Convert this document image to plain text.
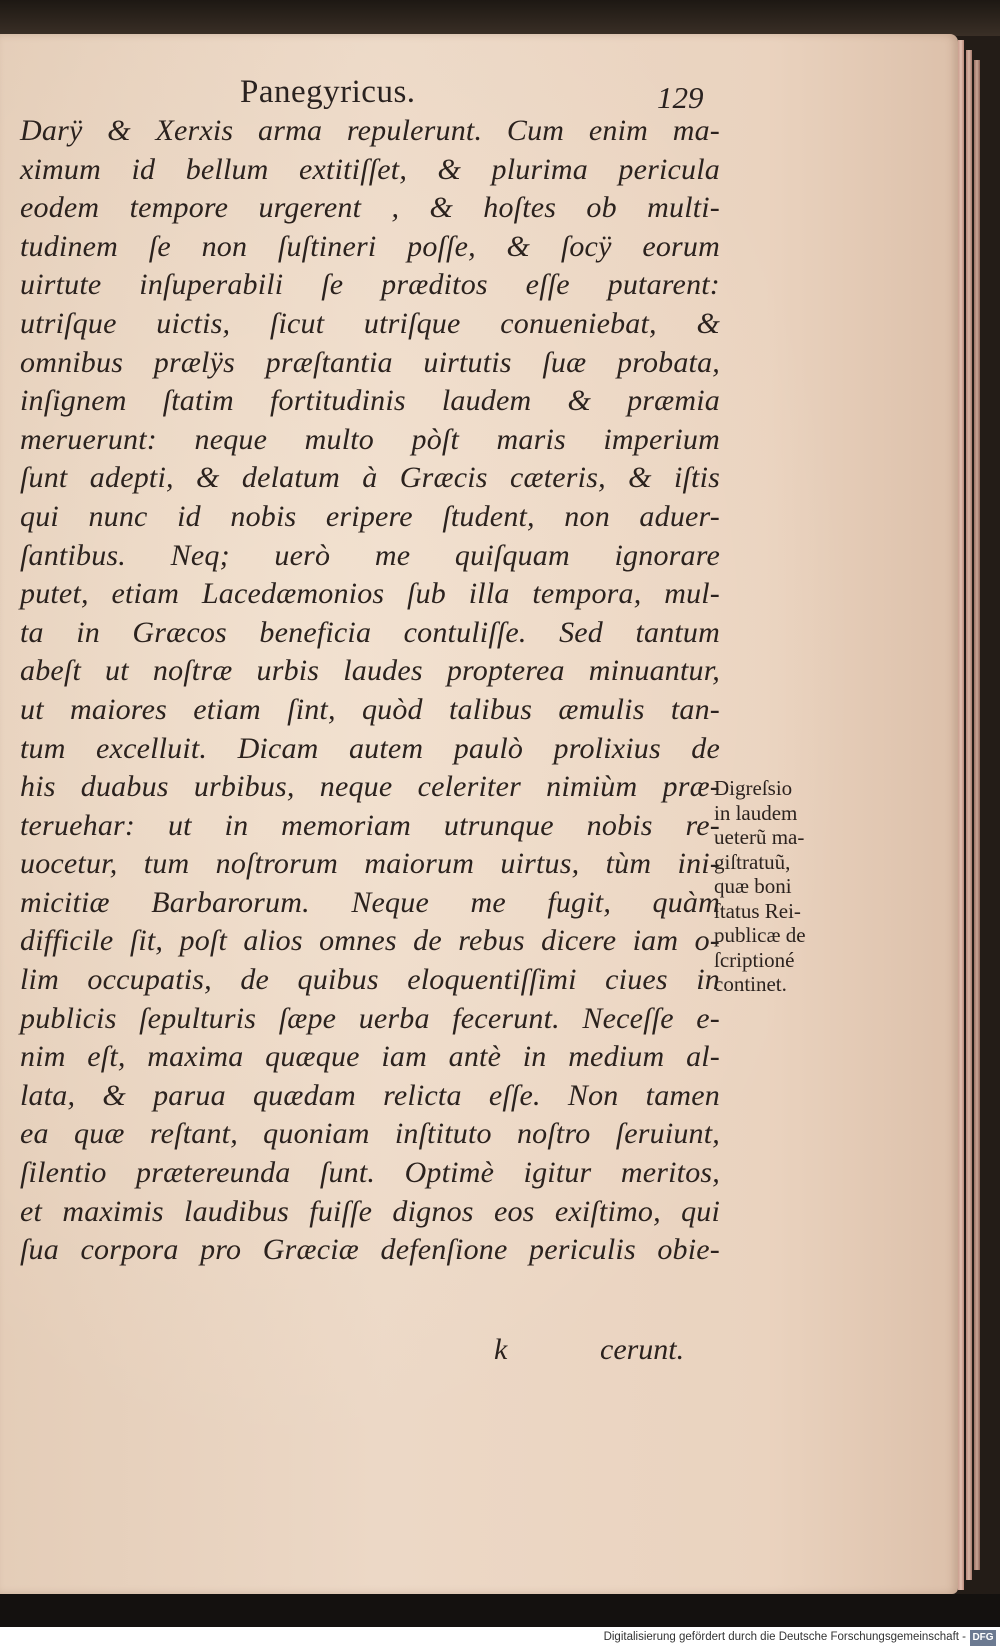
Panegyricus.	129
Darÿ & Xerxis arma repulerunt. Cum enim ma-
ximum id bellum extitiſſet, & plurima pericula
eodem tempore urgerent , & hoſtes ob multi-
tudinem ſe non ſuſtineri poſſe, & ſocÿ eorum
uirtute inſuperabili ſe præditos eſſe putarent:
utriſque uictis, ſicut utriſque conueniebat, &
omnibus prælÿs præſtantia uirtutis ſuæ probata,
inſignem ſtatim fortitudinis laudem & præmia
meruerunt: neque multo pòſt maris imperium
ſunt adepti, & delatum à Græcis cæteris, & iſtis
qui nunc id nobis eripere ſtudent, non aduer-
ſantibus. Neq; uerò me quiſquam ignorare
putet, etiam Lacedæmonios ſub illa tempora, mul-
ta in Græcos beneficia contuliſſe. Sed tantum
abeſt ut noſtræ urbis laudes propterea minuantur,
ut maiores etiam ſint, quòd talibus æmulis tan-
tum excelluit. Dicam autem paulò prolixius de
his duabus urbibus, neque celeriter nimiùm præ-
teruehar: ut in memoriam utrunque nobis re-
uocetur, tum noſtrorum maiorum uirtus, tùm ini-
micitiæ Barbarorum. Neque me fugit, quàm
difficile ſit, poſt alios omnes de rebus dicere iam o-
lim occupatis, de quibus eloquentiſſimi ciues in
publicis ſepulturis ſæpe uerba fecerunt. Neceſſe e-
nim eſt, maxima quæque iam antè in medium al-
lata, & parua quædam relicta eſſe. Non tamen
ea quæ reſtant, quoniam inſtituto noſtro ſeruiunt,
ſilentio prætereunda ſunt. Optimè igitur meritos,
et maximis laudibus fuiſſe dignos eos exiſtimo, qui
ſua corpora pro Græciæ defenſione periculis obie-
k	cerunt.
Digreſsio
in laudem
ueterũ ma-
giſtratuũ,
quæ boni
ſtatus Rei-
publicæ de
ſcriptioné
continet.
Digitalisierung gefördert durch die Deutsche Forschungsgemeinschaft - DFG
